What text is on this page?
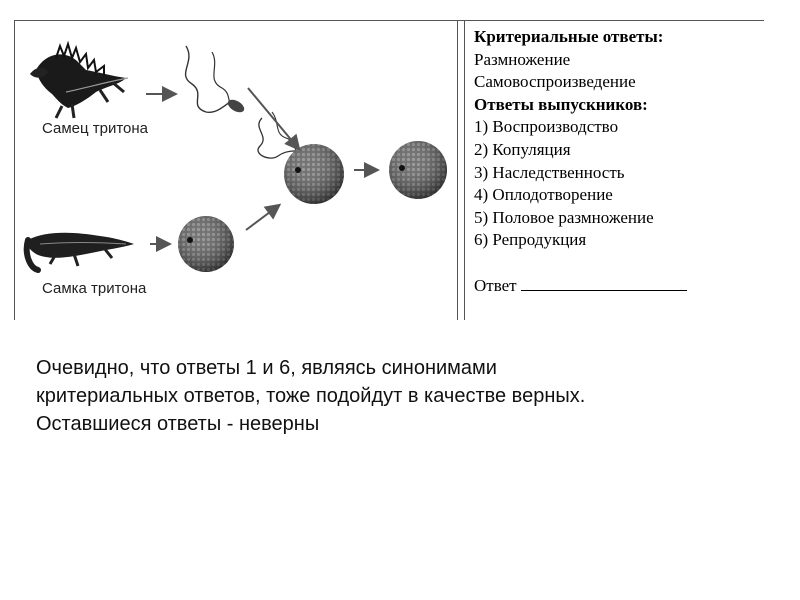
Самец тритона
Самка тритона
Критериальные ответы:
Размножение
Самовоспроизведение
Ответы выпускников:
1) Воспроизводство
2) Копуляция
3) Наследственность
4) Оплодотворение
5) Половое размножение
6) Репродукция
Ответ
Очевидно, что ответы 1 и 6, являясь синонимами
критериальных ответов, тоже подойдут в качестве верных.
Оставшиеся ответы - неверны
